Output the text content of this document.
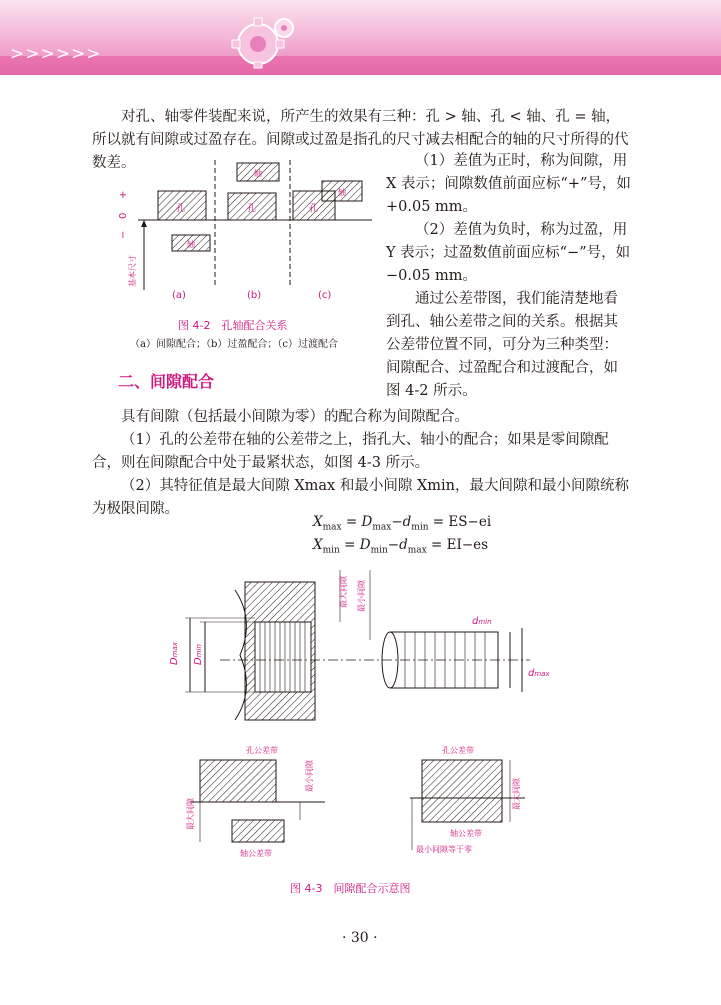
>>>>>>

对孔、轴零件装配来说，所产生的效果有三种：孔 > 轴、孔 < 轴、孔 = 轴，所以就有间隙或过盈存在。间隙或过盈是指孔的尺寸减去相配合的轴的尺寸所得的代数差。

+
0
−
基本尺寸
孔
轴
轴
孔	孔
轴
(a)	(b)	(c)
图 4-2　孔轴配合关系
（a）间隙配合；（b）过盈配合；（c）过渡配合

（1）差值为正时，称为间隙，用 X 表示；间隙数值前面应标“+”号，如 +0.05 mm。

（2）差值为负时，称为过盈，用 Y 表示；过盈数值前面应标“−”号，如 −0.05 mm。

通过公差带图，我们能清楚地看到孔、轴公差带之间的关系。根据其公差带位置不同，可分为三种类型：间隙配合、过盈配合和过渡配合，如图 4-2 所示。

二、间隙配合

具有间隙（包括最小间隙为零）的配合称为间隙配合。

（1）孔的公差带在轴的公差带之上，指孔大、轴小的配合；如果是零间隙配合，则在间隙配合中处于最紧状态，如图 4-3 所示。

（2）其特征值是最大间隙 Xmax 和最小间隙 Xmin，最大间隙和最小间隙统称为极限间隙。

$X_{max} = D_{max}-d_{min} = ES-ei$
$X_{min} = D_{min}-d_{max} = EI-es$
Dmax
Dmin
最大间隙 最小间隙
dmin
dmax
孔公差带
轴公差带
最大间隙
最小间隙
孔公差带
轴公差带
最大间隙
最小间隙等于零
图 4-3　间隙配合示意图
· 30 ·
